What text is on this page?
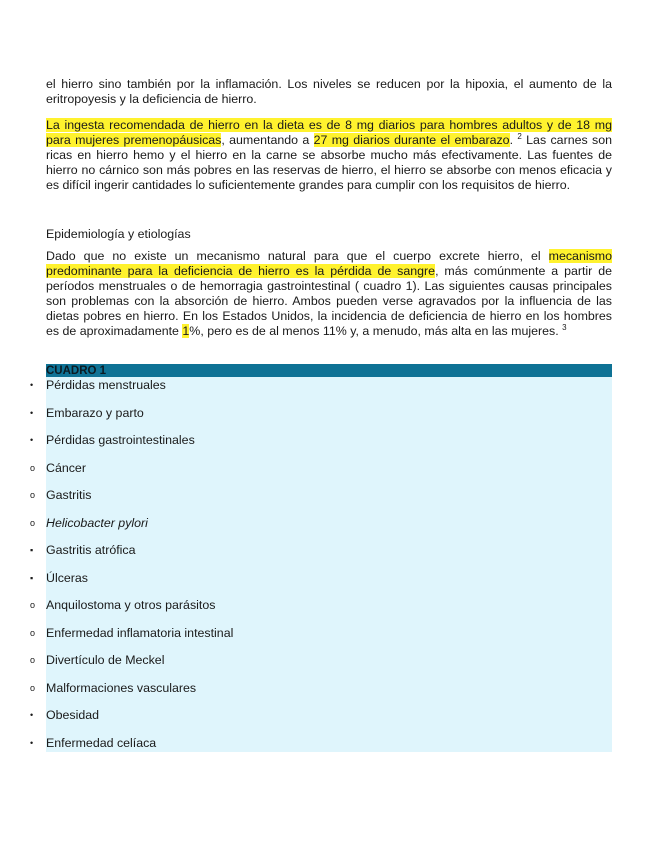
el hierro sino también por la inflamación. Los niveles se reducen por la hipoxia, el aumento de la eritropoyesis y la deficiencia de hierro.

La ingesta recomendada de hierro en la dieta es de 8 mg diarios para hombres adultos y de 18 mg para mujeres premenopáusicas, aumentando a 27 mg diarios durante el embarazo. $^2$ Las carnes son ricas en hierro hemo y el hierro en la carne se absorbe mucho más efectivamente. Las fuentes de hierro no cárnico son más pobres en las reservas de hierro, el hierro se absorbe con menos eficacia y es difícil ingerir cantidades lo suficientemente grandes para cumplir con los requisitos de hierro.

Epidemiología y etiologías

Dado que no existe un mecanismo natural para que el cuerpo excrete hierro, el mecanismo predominante para la deficiencia de hierro es la pérdida de sangre, más comúnmente a partir de períodos menstruales o de hemorragia gastrointestinal ( cuadro 1). Las siguientes causas principales son problemas con la absorción de hierro. Ambos pueden verse agravados por la influencia de las dietas pobres en hierro. En los Estados Unidos, la incidencia de deficiencia de hierro en los hombres es de aproximadamente 1%, pero es de al menos 11% y, a menudo, más alta en las mujeres. $^3$

CUADRO 1
• Pérdidas menstruales
• Embarazo y parto
• Pérdidas gastrointestinales
o Cáncer
o Gastritis
o Helicobacter pylori
▪ Gastritis atrófica
▪ Úlceras
o Anquilostoma y otros parásitos
o Enfermedad inflamatoria intestinal
o Divertículo de Meckel
o Malformaciones vasculares
• Obesidad
• Enfermedad celíaca
